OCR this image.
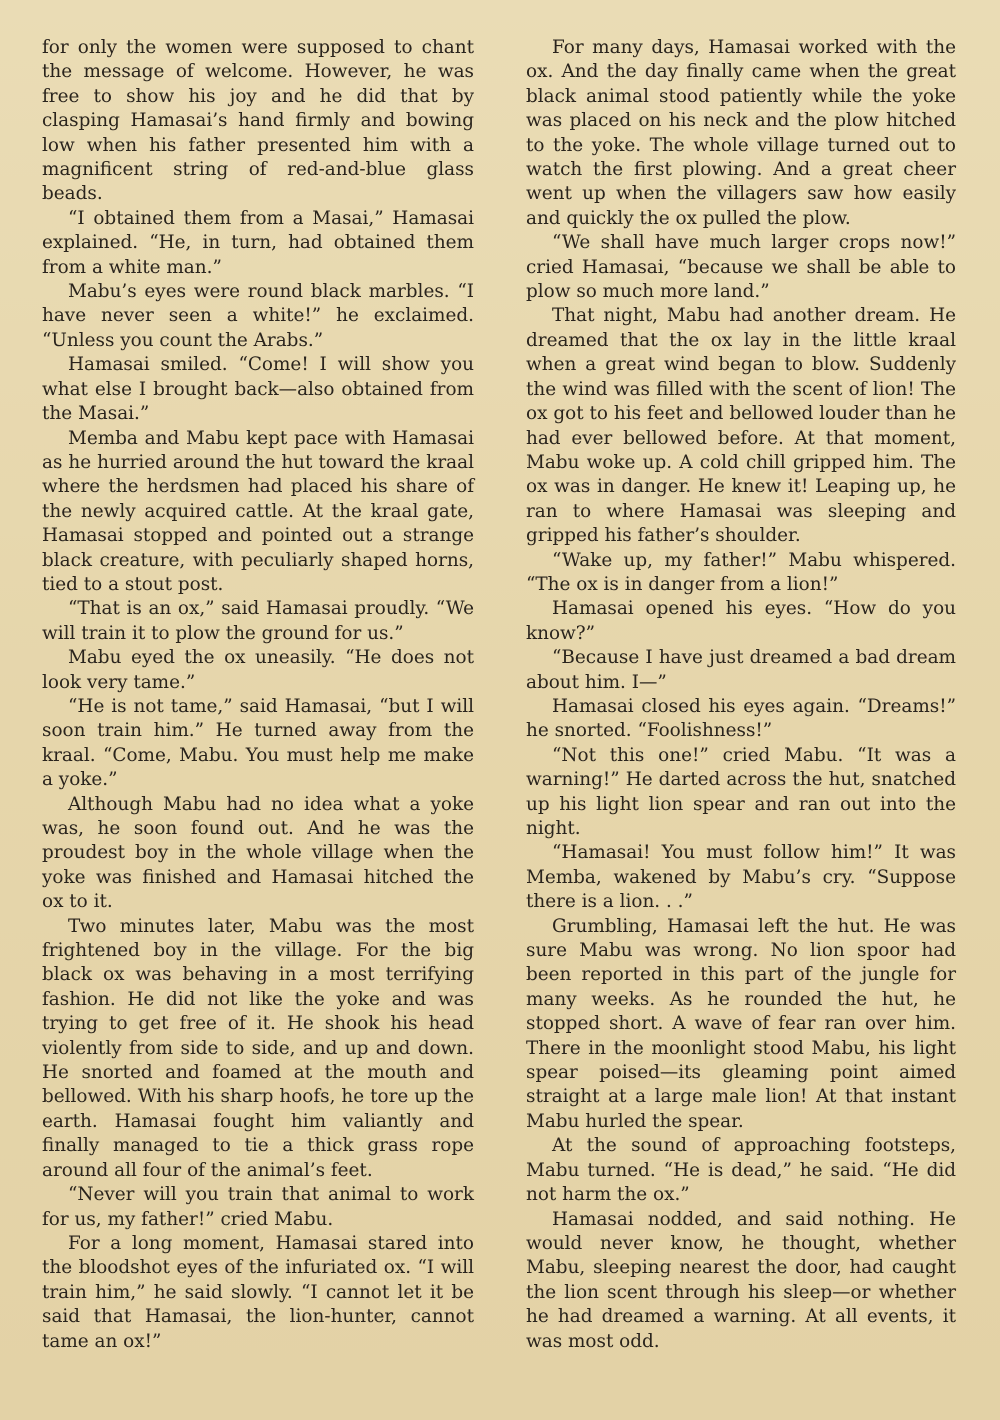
for only the women were supposed to chant the message of welcome. However, he was free to show his joy and he did that by clasping Hamasai’s hand firmly and bowing low when his father presented him with a magnificent string of red-and-blue glass beads.

“I obtained them from a Masai,” Hamasai explained. “He, in turn, had obtained them from a white man.”

Mabu’s eyes were round black marbles. “I have never seen a white!” he exclaimed. “Unless you count the Arabs.”

Hamasai smiled. “Come! I will show you what else I brought back—also obtained from the Masai.”

Memba and Mabu kept pace with Hamasai as he hurried around the hut toward the kraal where the herdsmen had placed his share of the newly acquired cattle. At the kraal gate, Hamasai stopped and pointed out a strange black creature, with peculiarly shaped horns, tied to a stout post.

“That is an ox,” said Hamasai proudly. “We will train it to plow the ground for us.”

Mabu eyed the ox uneasily. “He does not look very tame.”

“He is not tame,” said Hamasai, “but I will soon train him.” He turned away from the kraal. “Come, Mabu. You must help me make a yoke.”

Although Mabu had no idea what a yoke was, he soon found out. And he was the proudest boy in the whole village when the yoke was finished and Hamasai hitched the ox to it.

Two minutes later, Mabu was the most frightened boy in the village. For the big black ox was behaving in a most terrifying fashion. He did not like the yoke and was trying to get free of it. He shook his head violently from side to side, and up and down. He snorted and foamed at the mouth and bellowed. With his sharp hoofs, he tore up the earth. Hamasai fought him valiantly and finally managed to tie a thick grass rope around all four of the animal’s feet.

“Never will you train that animal to work for us, my father!” cried Mabu.

For a long moment, Hamasai stared into the bloodshot eyes of the infuriated ox. “I will train him,” he said slowly. “I cannot let it be said that Hamasai, the lion-hunter, cannot tame an ox!”

For many days, Hamasai worked with the ox. And the day finally came when the great black animal stood patiently while the yoke was placed on his neck and the plow hitched to the yoke. The whole village turned out to watch the first plowing. And a great cheer went up when the villagers saw how easily and quickly the ox pulled the plow.

“We shall have much larger crops now!” cried Hamasai, “because we shall be able to plow so much more land.”

That night, Mabu had another dream. He dreamed that the ox lay in the little kraal when a great wind began to blow. Suddenly the wind was filled with the scent of lion! The ox got to his feet and bellowed louder than he had ever bellowed before. At that moment, Mabu woke up. A cold chill gripped him. The ox was in danger. He knew it! Leaping up, he ran to where Hamasai was sleeping and gripped his father’s shoulder.

“Wake up, my father!” Mabu whispered. “The ox is in danger from a lion!”

Hamasai opened his eyes. “How do you know?”

“Because I have just dreamed a bad dream about him. I—”

Hamasai closed his eyes again. “Dreams!” he snorted. “Foolishness!”

“Not this one!” cried Mabu. “It was a warning!” He darted across the hut, snatched up his light lion spear and ran out into the night.

“Hamasai! You must follow him!” It was Memba, wakened by Mabu’s cry. “Suppose there is a lion. . .”

Grumbling, Hamasai left the hut. He was sure Mabu was wrong. No lion spoor had been reported in this part of the jungle for many weeks. As he rounded the hut, he stopped short. A wave of fear ran over him. There in the moonlight stood Mabu, his light spear poised—its gleaming point aimed straight at a large male lion! At that instant Mabu hurled the spear.

At the sound of approaching footsteps, Mabu turned. “He is dead,” he said. “He did not harm the ox.”

Hamasai nodded, and said nothing. He would never know, he thought, whether Mabu, sleeping nearest the door, had caught the lion scent through his sleep—or whether he had dreamed a warning. At all events, it was most odd.
